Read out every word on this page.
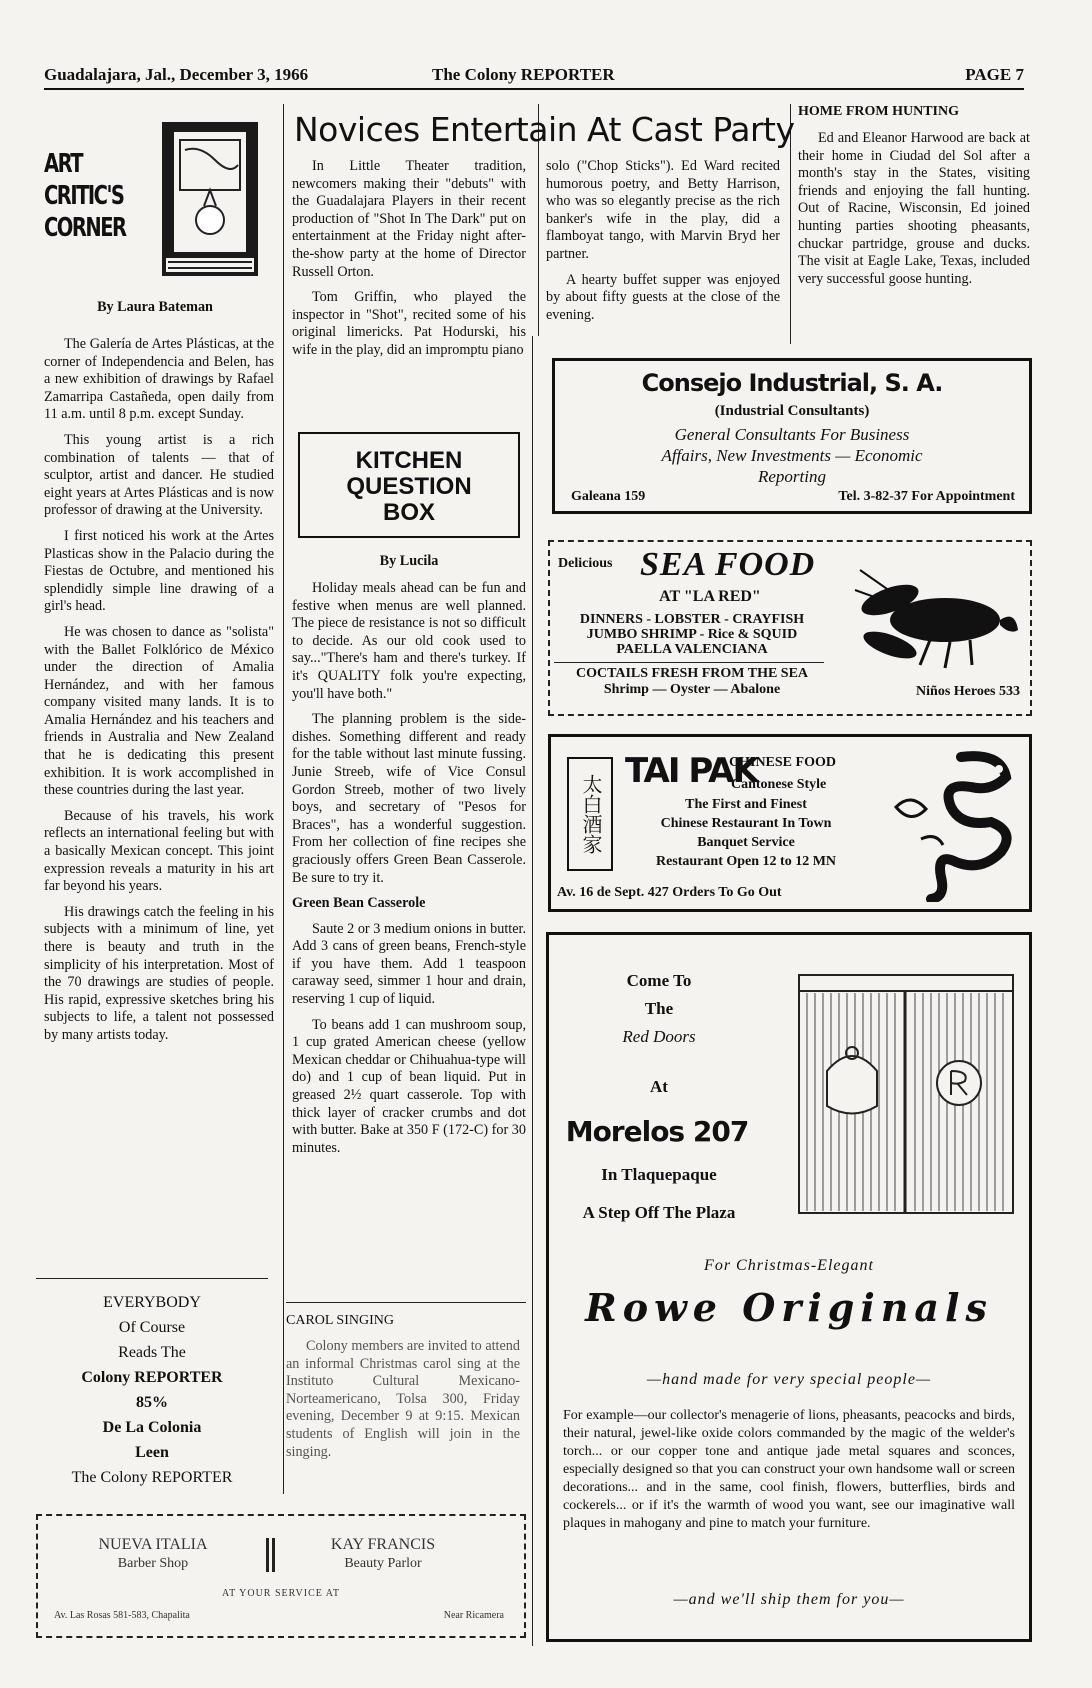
Guadalajara, Jal., December 3, 1966	The Colony REPORTER	PAGE 7
ART
CRITIC'S
CORNER
By Laura Bateman

The Galería de Artes Plásticas, at the corner of Independencia and Belen, has a new exhibition of drawings by Rafael Zamarripa Castañeda, open daily from 11 a.m. until 8 p.m. except Sunday.

This young artist is a rich combination of talents — that of sculptor, artist and dancer. He studied eight years at Artes Plásticas and is now professor of drawing at the University.

I first noticed his work at the Artes Plasticas show in the Palacio during the Fiestas de Octubre, and mentioned his splendidly simple line drawing of a girl's head.

He was chosen to dance as "solista" with the Ballet Folklórico de México under the direction of Amalia Hernández, and with her famous company visited many lands. It is to Amalia Hernández and his teachers and friends in Australia and New Zealand that he is dedicating this present exhibition. It is work accomplished in these countries during the last year.

Because of his travels, his work reflects an international feeling but with a basically Mexican concept. This joint expression reveals a maturity in his art far beyond his years.

His drawings catch the feeling in his subjects with a minimum of line, yet there is beauty and truth in the simplicity of his interpretation. Most of the 70 drawings are studies of people. His rapid, expressive sketches bring his subjects to life, a talent not possessed by many artists today.

EVERYBODY
Of Course
Reads The
Colony REPORTER
85%
De La Colonia
Leen
The Colony REPORTER
Novices Entertain At Cast Party

In Little Theater tradition, newcomers making their "debuts" with the Guadalajara Players in their recent production of "Shot In The Dark" put on entertainment at the Friday night after-the-show party at the home of Director Russell Orton.

Tom Griffin, who played the inspector in "Shot", recited some of his original limericks. Pat Hodurski, his wife in the play, did an impromptu piano

solo ("Chop Sticks"). Ed Ward recited humorous poetry, and Betty Harrison, who was so elegantly precise as the rich banker's wife in the play, did a flamboyat tango, with Marvin Bryd her partner.

A hearty buffet supper was enjoyed by about fifty guests at the close of the evening.

HOME FROM HUNTING

Ed and Eleanor Harwood are back at their home in Ciudad del Sol after a month's stay in the States, visiting friends and enjoying the fall hunting. Out of Racine, Wisconsin, Ed joined hunting parties shooting pheasants, chuckar partridge, grouse and ducks. The visit at Eagle Lake, Texas, included very successful goose hunting.

KITCHEN
QUESTION
BOX
By Lucila

Holiday meals ahead can be fun and festive when menus are well planned. The piece de resistance is not so difficult to decide. As our old cook used to say..."There's ham and there's turkey. If it's QUALITY folk you're expecting, you'll have both."

The planning problem is the side-dishes. Something different and ready for the table without last minute fussing. Junie Streeb, wife of Vice Consul Gordon Streeb, mother of two lively boys, and secretary of "Pesos for Braces", has a wonderful suggestion. From her collection of fine recipes she graciously offers Green Bean Casserole. Be sure to try it.

Green Bean Casserole

Saute 2 or 3 medium onions in butter. Add 3 cans of green beans, French-style if you have them. Add 1 teaspoon caraway seed, simmer 1 hour and drain, reserving 1 cup of liquid.

To beans add 1 can mushroom soup, 1 cup grated American cheese (yellow Mexican cheddar or Chihuahua-type will do) and 1 cup of bean liquid. Put in greased 2½ quart casserole. Top with thick layer of cracker crumbs and dot with butter. Bake at 350 F (172-C) for 30 minutes.

CAROL SINGING

Colony members are invited to attend an informal Christmas carol sing at the Instituto Cultural Mexicano-Norteamericano, Tolsa 300, Friday evening, December 9 at 9:15. Mexican students of English will join in the singing.

NUEVA ITALIA
Barber Shop
KAY FRANCIS
Beauty Parlor
AT YOUR SERVICE AT
Av. Las Rosas 581-583, Chapalita	Near Ricamera
Consejo Industrial, S. A.
(Industrial Consultants)
General Consultants For Business
Affairs, New Investments — Economic
Reporting
Galeana 159	Tel. 3-82-37 For Appointment
Delicious SEA FOOD
AT "LA RED"
DINNERS - LOBSTER - CRAYFISH
JUMBO SHRIMP - Rice & SQUID
PAELLA VALENCIANA
COCTAILS FRESH FROM THE SEA
Shrimp — Oyster — Abalone	Niños Heroes 533
太白酒家
TAI PAK
CHINESE FOOD
Cantonese Style
The First and Finest
Chinese Restaurant In Town
Banquet Service
Restaurant Open 12 to 12 MN
Av. 16 de Sept. 427 Orders To Go Out
Come To
The
Red Doors
At
Morelos 207
In Tlaquepaque
A Step Off The Plaza
For Christmas-Elegant
Rowe Originals
—hand made for very special people—
For example—our collector's menagerie of lions, pheasants, peacocks and birds, their natural, jewel-like oxide colors commanded by the magic of the welder's torch... or our copper tone and antique jade metal squares and sconces, especially designed so that you can construct your own handsome wall or screen decorations... and in the same, cool finish, flowers, butterflies, birds and cockerels... or if it's the warmth of wood you want, see our imaginative wall plaques in mahogany and pine to match your furniture.
—and we'll ship them for you—
